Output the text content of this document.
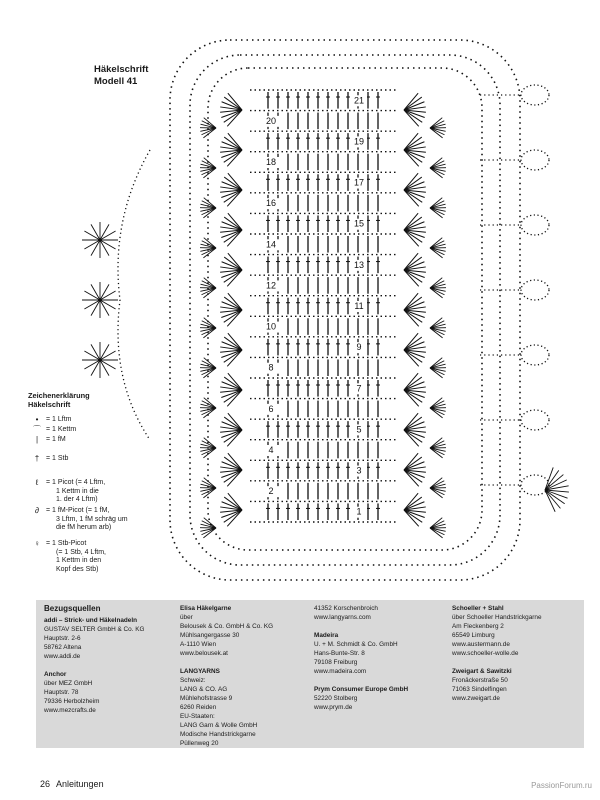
1
2
3
4
5
6
7
8
9
10
11
12
13
14
15
16
17
18
19
20
21
Häkelschrift
Modell 41
Zeichenerklärung
Häkelschrift
•	= 1 Lftm
⌒ = 1 Kettm
|	= 1 fM
† = 1 Stb
ℓ	= 1 Picot (= 4 Lftm,
1 Kettm in die
1. der 4 Lftm)
∂	= 1 fM-Picot (= 1 fM,
3 Lftm, 1 fM schräg um
die fM herum arb)
♀ = 1 Stb-Picot
(= 1 Stb, 4 Lftm,
1 Kettm in den
Kopf des Stb)
Bezugsquellen
addi – Strick- und Häkelnadeln
GUSTAV SELTER GmbH & Co. KG
Hauptstr. 2-6
58762 Altena
www.addi.de

Anchor
über MEZ GmbH
Hauptstr. 78
79336 Herbolzheim
www.mezcrafts.de
Elisa Häkelgarne
über
Belousek & Co. GmbH & Co. KG
Mühlsangergasse 30
A-1110 Wien
www.belousek.at

LANGYARNS
Schweiz:
LANG & CO. AG
Mühlehofstrasse 9
6260 Reiden
EU-Staaten:
LANG Garn & Wolle GmbH
Modische Handstrickgarne
Püllenweg 20
41352 Korschenbroich
www.langyarns.com

Madeira
U. + M. Schmidt & Co. GmbH
Hans-Bunte-Str. 8
79108 Freiburg
www.madeira.com

Prym Consumer Europe GmbH
52220 Stolberg
www.prym.de
Schoeller + Stahl
über Schoeller Handstrickgarne
Am Fleckenberg 2
65549 Limburg
www.austermann.de
www.schoeller-wolle.de

Zweigart & Sawitzki
Fronäckerstraße 50
71063 Sindelfingen
www.zweigart.de
26 Anleitungen	PassionForum.ru
